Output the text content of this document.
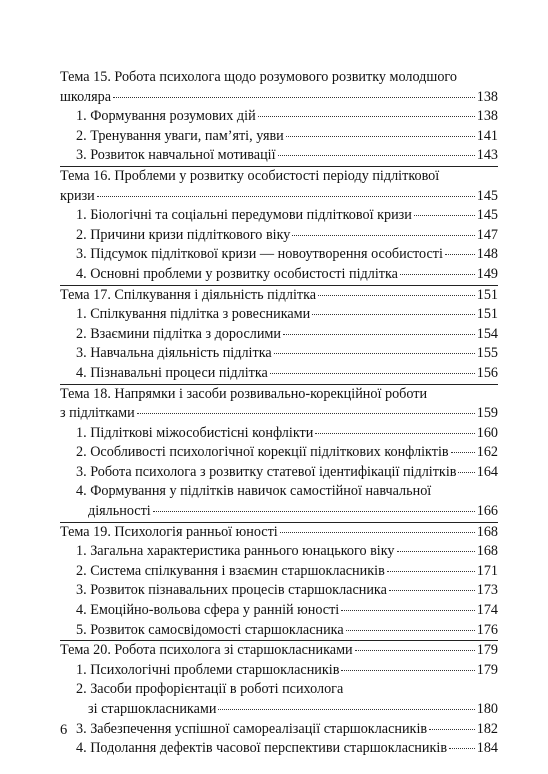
Тема 15. Робота психолога щодо розумового розвитку молодшого
школяра	138
1. Формування розумових дій	138
2. Тренування уваги, пам’яті, уяви	141
3. Розвиток навчальної мотивації	143

Тема 16. Проблеми у розвитку особистості періоду підліткової
кризи	145
1. Біологічні та соціальні передумови підліткової кризи	145
2. Причини кризи підліткового віку	147
3. Підсумок підліткової кризи — новоутворення особистості 148
4. Основні проблеми у розвитку особистості підлітка	149

Тема 17. Спілкування і діяльність підлітка	151
1. Спілкування підлітка з ровесниками	151
2. Взаємини підлітка з дорослими	154
3. Навчальна діяльність підлітка	155
4. Пізнавальні процеси підлітка	156

Тема 18. Напрямки і засоби розвивально-корекційної роботи
з підлітками	159
1. Підліткові міжособистісні конфлікти	160
2. Особливості психологічної корекції підліткових конфліктів 162
3. Робота психолога з розвитку статевої ідентифікації підлітків 164
4. Формування у підлітків навичок самостійної навчальної
діяльності	166

Тема 19. Психологія ранньої юності	168
1. Загальна характеристика раннього юнацького віку	168
2. Система спілкування і взаємин старшокласників	171
3. Розвиток пізнавальних процесів старшокласника	173
4. Емоційно-вольова сфера у ранній юності	174
5. Розвиток самосвідомості старшокласника	176

Тема 20. Робота психолога зі старшокласниками	179
1. Психологічні проблеми старшокласників	179
2. Засоби профорієнтації в роботі психолога
зі старшокласниками	180
3. Забезпечення успішної самореалізації старшокласників	182
4. Подолання дефектів часової перспективи старшокласників 184
6
